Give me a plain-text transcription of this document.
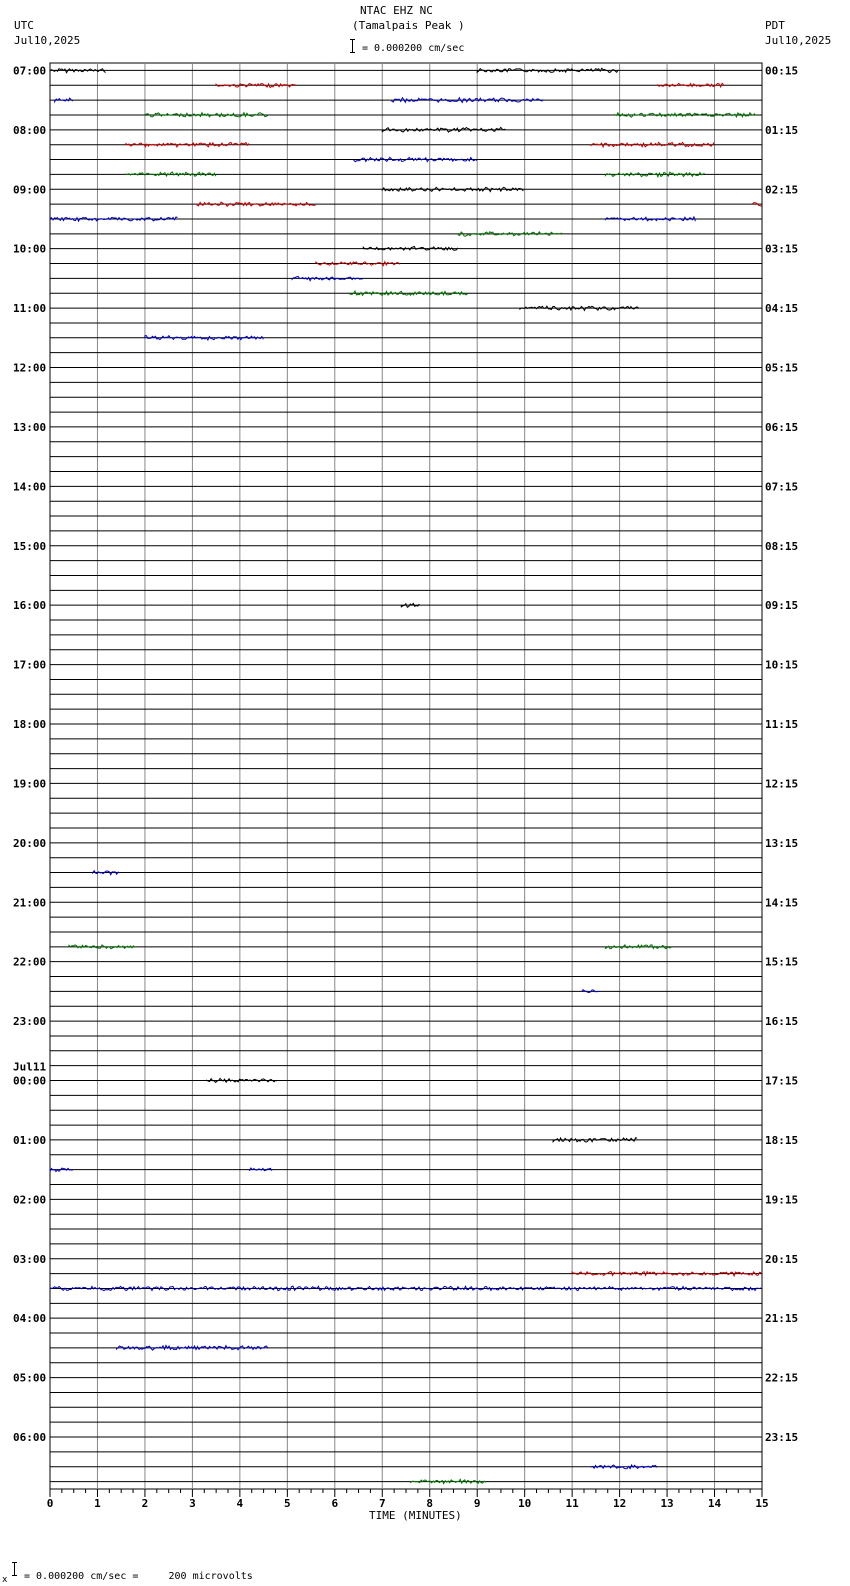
UTC
Jul10,2025
NTAC EHZ NC
(Tamalpais Peak )
= 0.000200 cm/sec
PDT
Jul10,2025
0	1	2	3	4	5	6	7	8	9	10	11	12	13	14	15
07:00
08:00
09:00
10:00
11:00
12:00
13:00
14:00
15:00
16:00
17:00
18:00
19:00
20:00
21:00
22:00
23:00
00:00
Jul11
01:00
02:00
03:00
04:00
05:00
06:00
00:15
01:15
02:15
03:15
04:15
05:15
06:15
07:15
08:15
09:15
10:15
11:15
12:15
13:15
14:15
15:15
16:15
17:15
18:15
19:15
20:15
21:15
22:15
23:15
TIME (MINUTES)
x = 0.000200 cm/sec =     200 microvolts
